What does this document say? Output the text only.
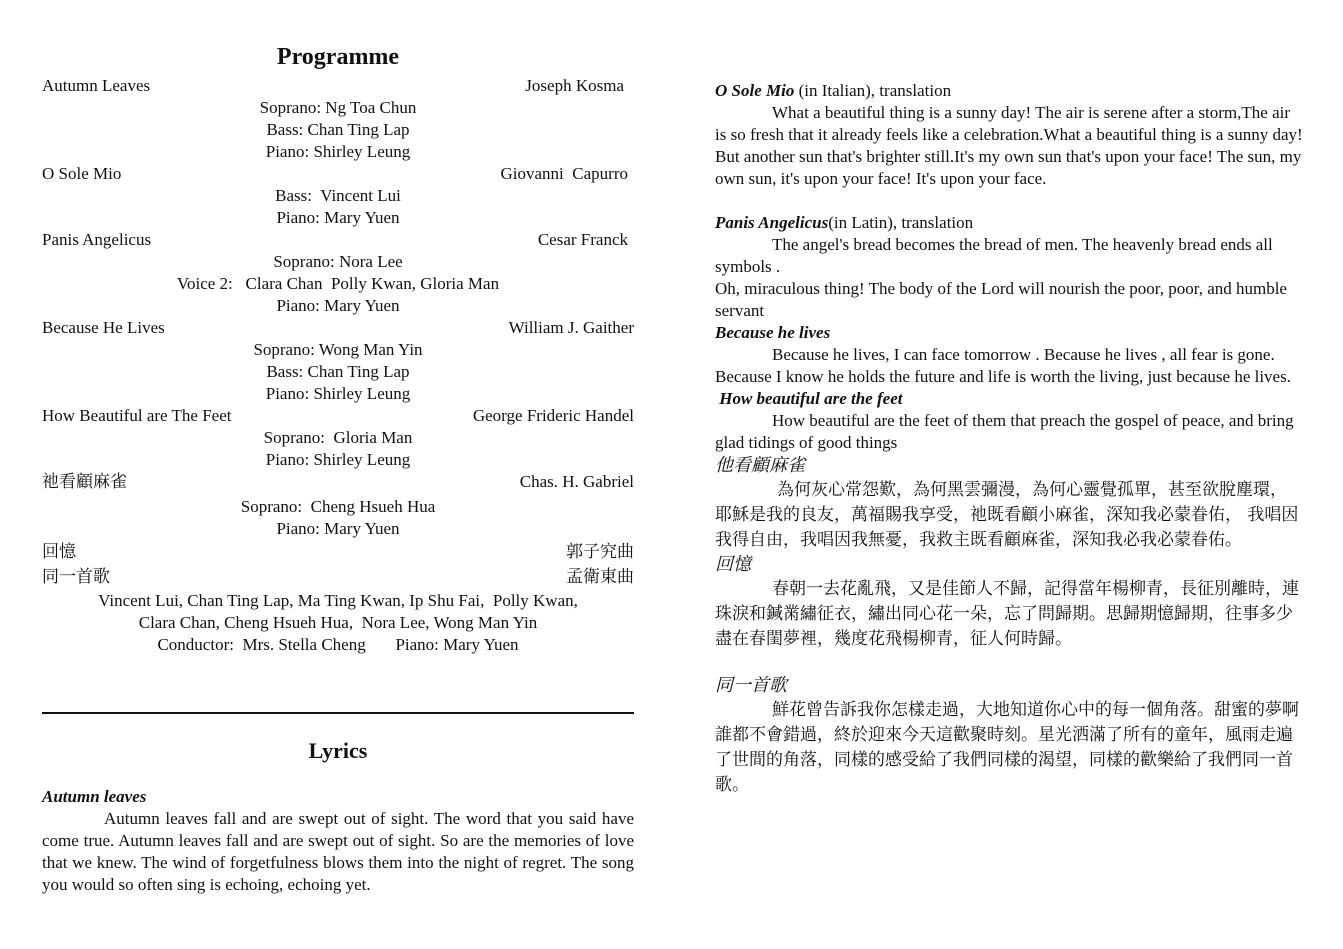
Programme
Autumn Leaves	Joseph Kosma
Soprano: Ng Toa Chun
Bass: Chan Ting Lap
Piano: Shirley Leung
O Sole Mio	Giovanni  Capurro
Bass:  Vincent Lui
Piano: Mary Yuen
Panis Angelicus	Cesar Franck
Soprano: Nora Lee
Voice 2:   Clara Chan  Polly Kwan, Gloria Man
Piano: Mary Yuen
Because He Lives	William J. Gaither
Soprano: Wong Man Yin
Bass: Chan Ting Lap
Piano: Shirley Leung
How Beautiful are The Feet	George Frideric Handel
Soprano:  Gloria Man
Piano: Shirley Leung
祂看顧麻雀	Chas. H. Gabriel
Soprano:  Cheng Hsueh Hua
Piano: Mary Yuen
回憶	郭子究曲
同一首歌	孟衛東曲
Vincent Lui, Chan Ting Lap, Ma Ting Kwan, Ip Shu Fai,  Polly Kwan,
Clara Chan, Cheng Hsueh Hua,  Nora Lee, Wong Man Yin
Conductor:  Mrs. Stella Cheng       Piano: Mary Yuen
Lyrics
Autumn leaves
Autumn leaves fall and are swept out of sight. The word that you said have come true. Autumn leaves fall and are swept out of sight. So are the memories of love that we knew. The wind of forgetfulness blows them into the night of regret. The song you would so often sing is echoing, echoing yet.
O Sole Mio (in Italian), translation
What a beautiful thing is a sunny day! The air is serene after a storm,The air is so fresh that it already feels like a celebration.What a beautiful thing is a sunny day! But another sun that's brighter still.It's my own sun that's upon your face! The sun, my own sun, it's upon your face! It's upon your face.
Panis Angelicus(in Latin), translation
The angel's bread becomes the bread of men. The heavenly bread ends all symbols .
Oh, miraculous thing! The body of the Lord will nourish the poor, poor, and humble servant
Because he lives
Because he lives, I can face tomorrow . Because he lives , all fear is gone. Because I know he holds the future and life is worth the living, just because he lives.
How beautiful are the feet
How beautiful are the feet of them that preach the gospel of peace, and bring glad tidings of good things
他看顧麻雀
為何灰心常怨歎，為何黑雲彌漫，為何心靈覺孤單，甚至欲脫塵環， 耶穌是我的良友，萬福賜我享受，祂既看顧小麻雀，深知我必蒙眷佑， 我唱因我得自由，我唱因我無憂，我救主既看顧麻雀，深知我必我必蒙眷佑。
回憶
春朝一去花亂飛，又是佳節人不歸，記得當年楊柳青，長征別離時，連珠淚和鍼黹繡征衣，繡出同心花一朵，忘了問歸期。思歸期憶歸期，往事多少盡在春閨夢裡，幾度花飛楊柳青，征人何時歸。
同一首歌
鮮花曾告訴我你怎樣走過，大地知道你心中的每一個角落。甜蜜的夢啊誰都不會錯過，終於迎來今天這歡聚時刻。星光洒滿了所有的童年，風雨走遍了世間的角落，同樣的感受給了我們同樣的渴望，同樣的歡樂給了我們同一首歌。
